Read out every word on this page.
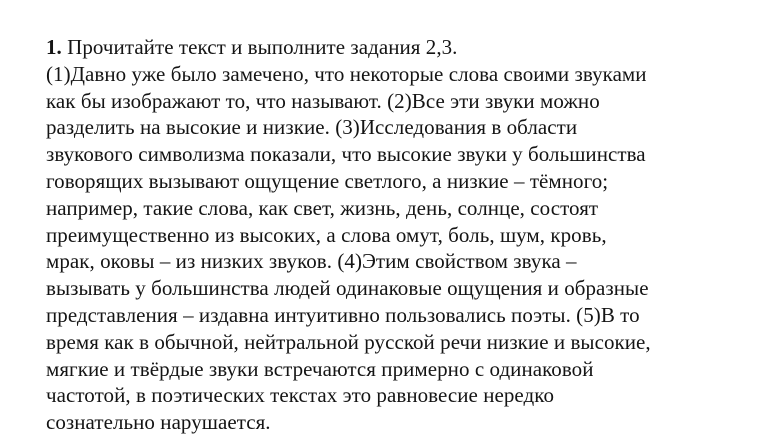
1. Прочитайте текст и выполните задания 2,3.
(1)Давно уже было замечено, что некоторые слова своими звуками
как бы изображают то, что называют. (2)Все эти звуки можно
разделить на высокие и низкие. (3)Исследования в области
звукового символизма показали, что высокие звуки у большинства
говорящих вызывают ощущение светлого, а низкие – тёмного;
например, такие слова, как свет, жизнь, день, солнце, состоят
преимущественно из высоких, а слова омут, боль, шум, кровь,
мрак, оковы – из низких звуков. (4)Этим свойством звука –
вызывать у большинства людей одинаковые ощущения и образные
представления – издавна интуитивно пользовались поэты. (5)В то
время как в обычной, нейтральной русской речи низкие и высокие,
мягкие и твёрдые звуки встречаются примерно с одинаковой
частотой, в поэтических текстах это равновесие нередко
сознательно нарушается.
